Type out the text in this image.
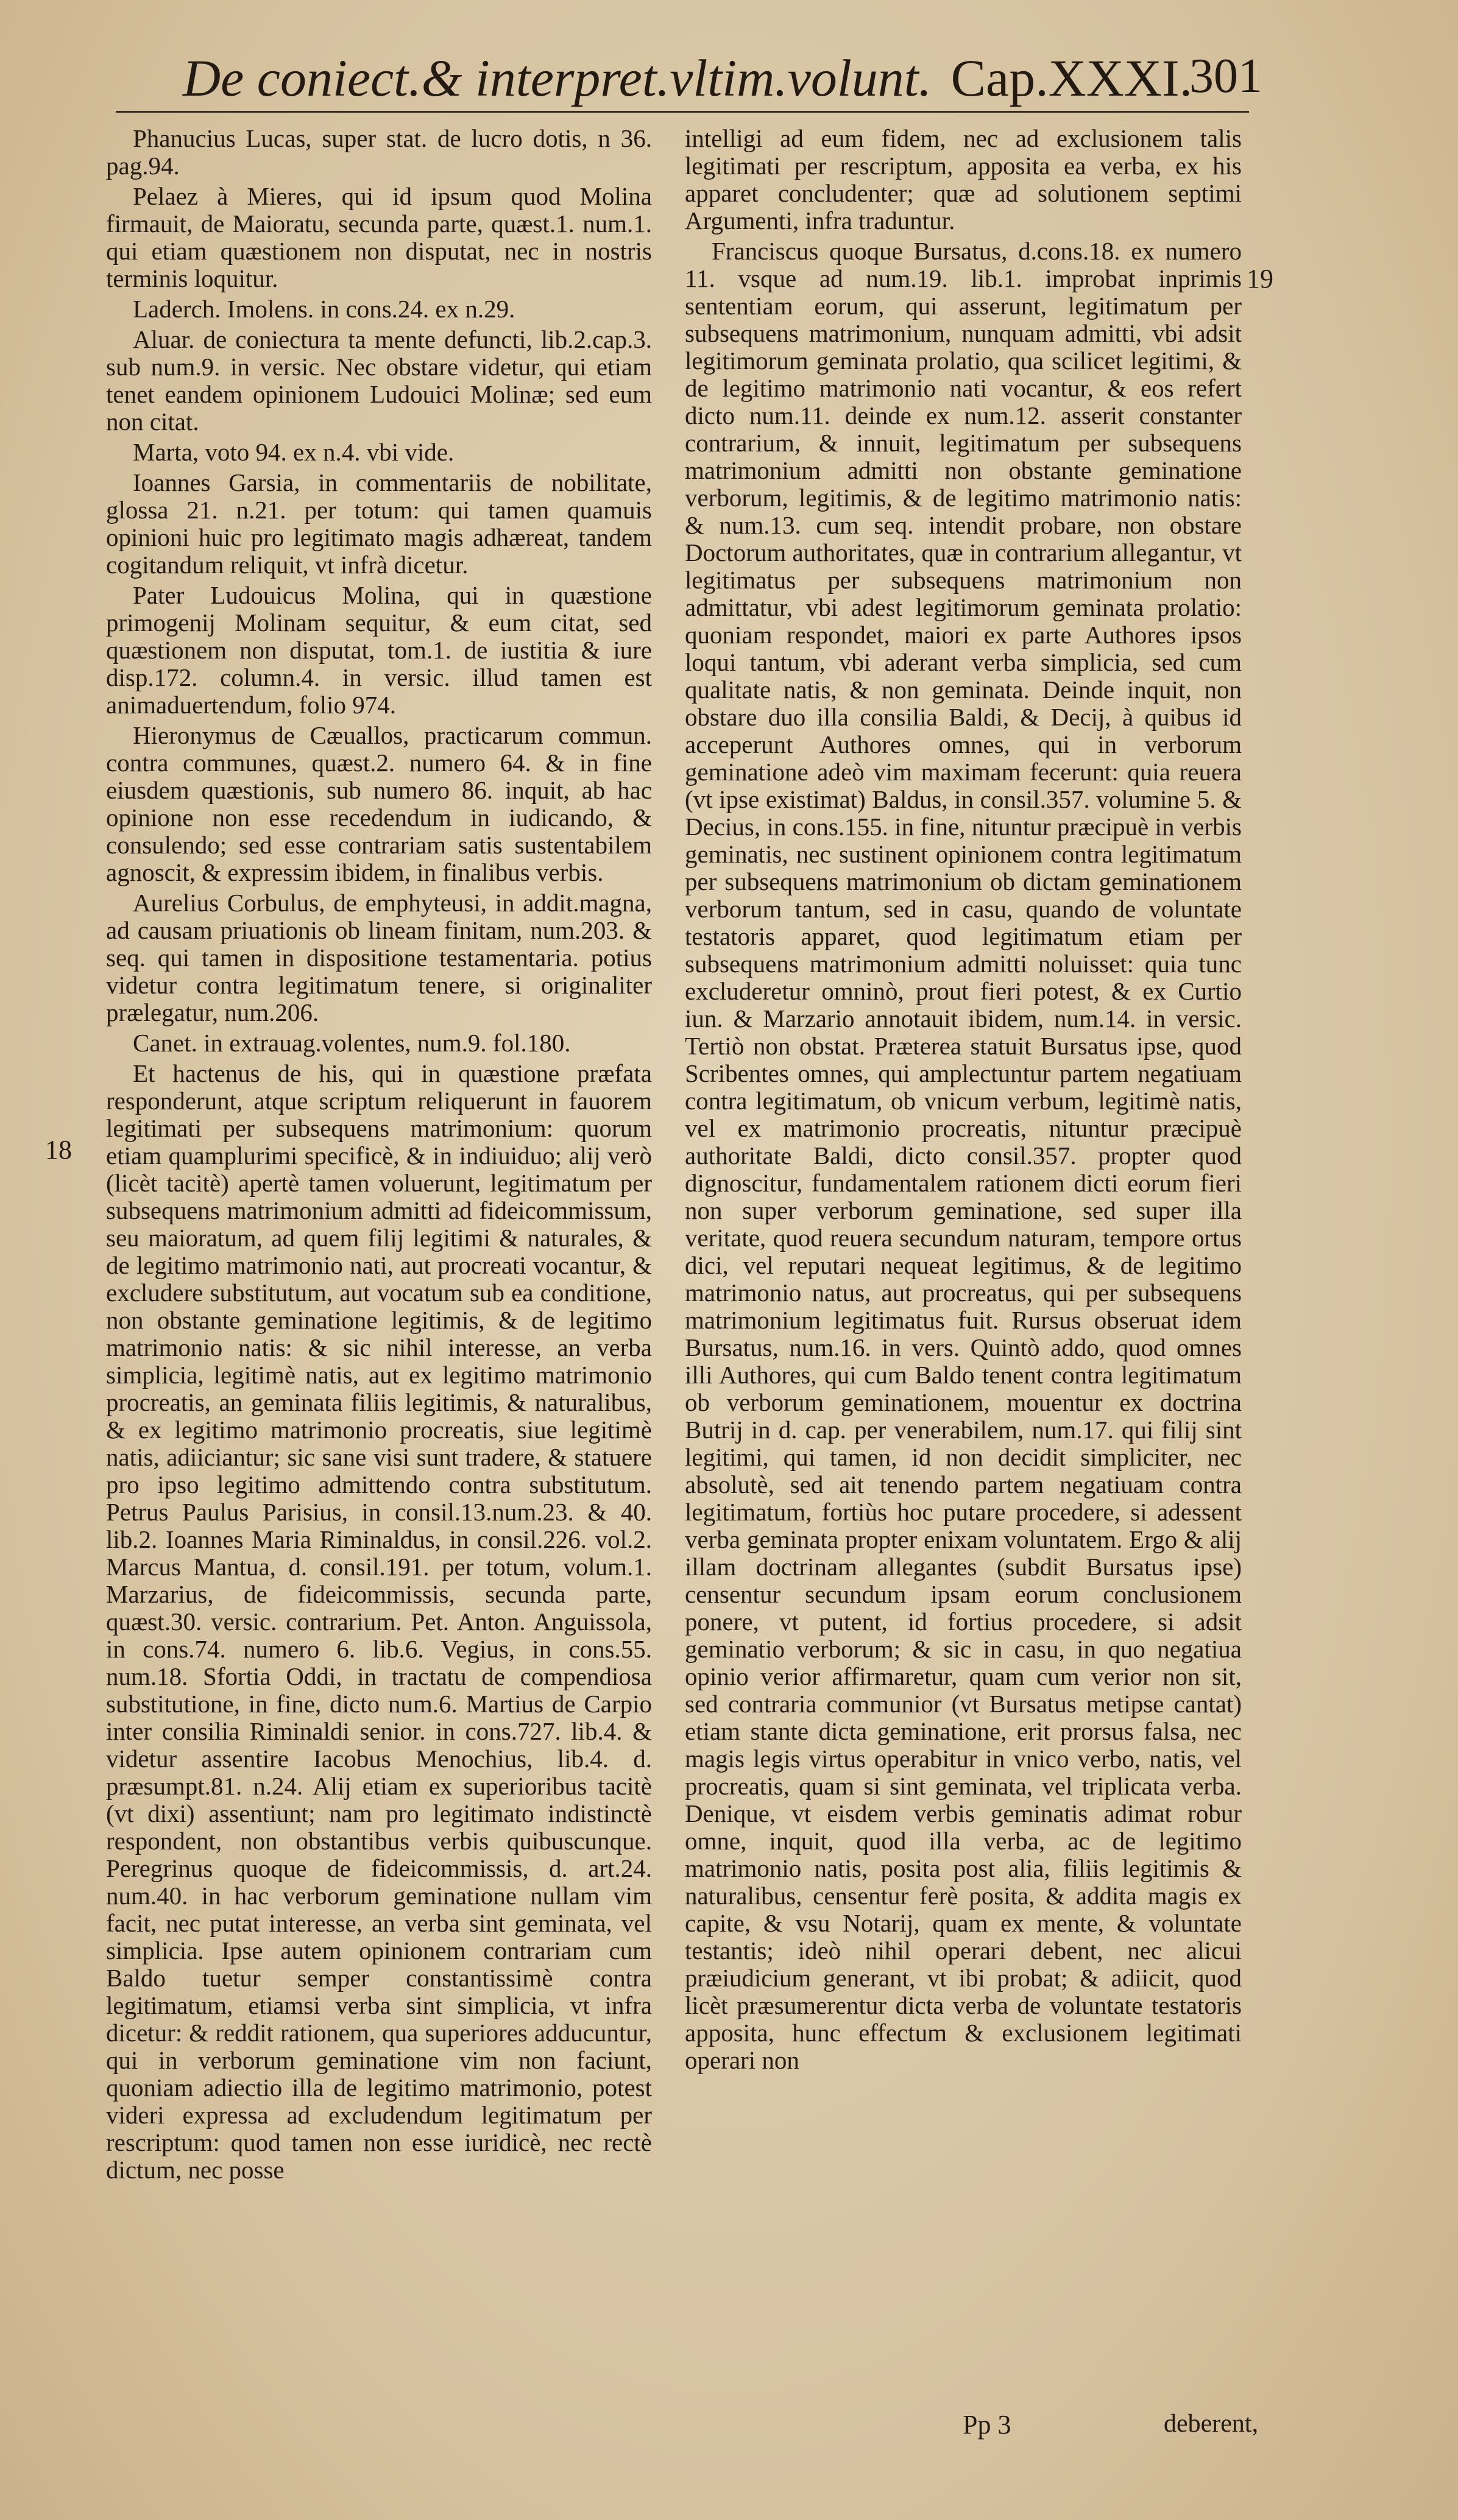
De coniect.& interpret.vltim.volunt. Cap.XXXI.
301
18
19

Phanucius Lucas, super stat. de lucro dotis, n 36. pag.94.

Pelaez à Mieres, qui id ipsum quod Molina firmauit, de Maioratu, secunda parte, quæst.1. num.1. qui etiam quæstionem non disputat, nec in nostris terminis loquitur.

Laderch. Imolens. in cons.24. ex n.29.

Aluar. de coniectura ta mente defuncti, lib.2.cap.3. sub num.9. in versic. Nec obstare videtur, qui etiam tenet eandem opinionem Ludouici Molinæ; sed eum non citat.

Marta, voto 94. ex n.4. vbi vide.

Ioannes Garsia, in commentariis de nobilitate, glossa 21. n.21. per totum: qui tamen quamuis opinioni huic pro legitimato magis adhæreat, tandem cogitandum reliquit, vt infrà dicetur.

Pater Ludouicus Molina, qui in quæstione primogenij Molinam sequitur, & eum citat, sed quæstionem non disputat, tom.1. de iustitia & iure disp.172. column.4. in versic. illud tamen est animaduertendum, folio 974.

Hieronymus de Cæuallos, practicarum commun. contra communes, quæst.2. numero 64. & in fine eiusdem quæstionis, sub numero 86. inquit, ab hac opinione non esse recedendum in iudicando, & consulendo; sed esse contrariam satis sustentabilem agnoscit, & expressim ibidem, in finalibus verbis.

Aurelius Corbulus, de emphyteusi, in addit.magna, ad causam priuationis ob lineam finitam, num.203. & seq. qui tamen in dispositione testamentaria. potius videtur contra legitimatum tenere, si originaliter prælegatur, num.206.

Canet. in extrauag.volentes, num.9. fol.180.

Et hactenus de his, qui in quæstione præfata responderunt, atque scriptum reliquerunt in fauorem legitimati per subsequens matrimonium: quorum etiam quamplurimi specificè, & in indiuiduo; alij verò (licèt tacitè) apertè tamen voluerunt, legitimatum per subsequens matrimonium admitti ad fideicommissum, seu maioratum, ad quem filij legitimi & naturales, & de legitimo matrimonio nati, aut procreati vocantur, & excludere substitutum, aut vocatum sub ea conditione, non obstante geminatione legitimis, & de legitimo matrimonio natis: & sic nihil interesse, an verba simplicia, legitimè natis, aut ex legitimo matrimonio procreatis, an geminata filiis legitimis, & naturalibus, & ex legitimo matrimonio procreatis, siue legitimè natis, adiiciantur; sic sane visi sunt tradere, & statuere pro ipso legitimo admittendo contra substitutum. Petrus Paulus Parisius, in consil.13.num.23. & 40. lib.2. Ioannes Maria Riminaldus, in consil.226. vol.2. Marcus Mantua, d. consil.191. per totum, volum.1. Marzarius, de fideicommissis, secunda parte, quæst.30. versic. contrarium. Pet. Anton. Anguissola, in cons.74. numero 6. lib.6. Vegius, in cons.55. num.18. Sfortia Oddi, in tractatu de compendiosa substitutione, in fine, dicto num.6. Martius de Carpio inter consilia Riminaldi senior. in cons.727. lib.4. & videtur assentire Iacobus Menochius, lib.4. d. præsumpt.81. n.24. Alij etiam ex superioribus tacitè (vt dixi) assentiunt; nam pro legitimato indistinctè respondent, non obstantibus verbis quibuscunque. Peregrinus quoque de fideicommissis, d. art.24. num.40. in hac verborum geminatione nullam vim facit, nec putat interesse, an verba sint geminata, vel simplicia. Ipse autem opinionem contrariam cum Baldo tuetur semper constantissimè contra legitimatum, etiamsi verba sint simplicia, vt infra dicetur: & reddit rationem, qua superiores adducuntur, qui in verborum geminatione vim non faciunt, quoniam adiectio illa de legitimo matrimonio, potest videri expressa ad excludendum legitimatum per rescriptum: quod tamen non esse iuridicè, nec rectè dictum, nec posse

intelligi ad eum fidem, nec ad exclusionem talis legitimati per rescriptum, apposita ea verba, ex his apparet concludenter; quæ ad solutionem septimi Argumenti, infra traduntur.

Franciscus quoque Bursatus, d.cons.18. ex numero 11. vsque ad num.19. lib.1. improbat inprimis sententiam eorum, qui asserunt, legitimatum per subsequens matrimonium, nunquam admitti, vbi adsit legitimorum geminata prolatio, qua scilicet legitimi, & de legitimo matrimonio nati vocantur, & eos refert dicto num.11. deinde ex num.12. asserit constanter contrarium, & innuit, legitimatum per subsequens matrimonium admitti non obstante geminatione verborum, legitimis, & de legitimo matrimonio natis: & num.13. cum seq. intendit probare, non obstare Doctorum authoritates, quæ in contrarium allegantur, vt legitimatus per subsequens matrimonium non admittatur, vbi adest legitimorum geminata prolatio: quoniam respondet, maiori ex parte Authores ipsos loqui tantum, vbi aderant verba simplicia, sed cum qualitate natis, & non geminata. Deinde inquit, non obstare duo illa consilia Baldi, & Decij, à quibus id acceperunt Authores omnes, qui in verborum geminatione adeò vim maximam fecerunt: quia reuera (vt ipse existimat) Baldus, in consil.357. volumine 5. & Decius, in cons.155. in fine, nituntur præcipuè in verbis geminatis, nec sustinent opinionem contra legitimatum per subsequens matrimonium ob dictam geminationem verborum tantum, sed in casu, quando de voluntate testatoris apparet, quod legitimatum etiam per subsequens matrimonium admitti noluisset: quia tunc excluderetur omninò, prout fieri potest, & ex Curtio iun. & Marzario annotauit ibidem, num.14. in versic. Tertiò non obstat. Præterea statuit Bursatus ipse, quod Scribentes omnes, qui amplectuntur partem negatiuam contra legitimatum, ob vnicum verbum, legitimè natis, vel ex matrimonio procreatis, nituntur præcipuè authoritate Baldi, dicto consil.357. propter quod dignoscitur, fundamentalem rationem dicti eorum fieri non super verborum geminatione, sed super illa veritate, quod reuera secundum naturam, tempore ortus dici, vel reputari nequeat legitimus, & de legitimo matrimonio natus, aut procreatus, qui per subsequens matrimonium legitimatus fuit. Rursus obseruat idem Bursatus, num.16. in vers. Quintò addo, quod omnes illi Authores, qui cum Baldo tenent contra legitimatum ob verborum geminationem, mouentur ex doctrina Butrij in d. cap. per venerabilem, num.17. qui filij sint legitimi, qui tamen, id non decidit simpliciter, nec absolutè, sed ait tenendo partem negatiuam contra legitimatum, fortiùs hoc putare procedere, si adessent verba geminata propter enixam voluntatem. Ergo & alij illam doctrinam allegantes (subdit Bursatus ipse) censentur secundum ipsam eorum conclusionem ponere, vt putent, id fortius procedere, si adsit geminatio verborum; & sic in casu, in quo negatiua opinio verior affirmaretur, quam cum verior non sit, sed contraria communior (vt Bursatus metipse cantat) etiam stante dicta geminatione, erit prorsus falsa, nec magis legis virtus operabitur in vnico verbo, natis, vel procreatis, quam si sint geminata, vel triplicata verba. Denique, vt eisdem verbis geminatis adimat robur omne, inquit, quod illa verba, ac de legitimo matrimonio natis, posita post alia, filiis legitimis & naturalibus, censentur ferè posita, & addita magis ex capite, & vsu Notarij, quam ex mente, & voluntate testantis; ideò nihil operari debent, nec alicui præiudicium generant, vt ibi probat; & adiicit, quod licèt præsumerentur dicta verba de voluntate testatoris apposita, hunc effectum & exclusionem legitimati operari non

Pp 3	deberent,
